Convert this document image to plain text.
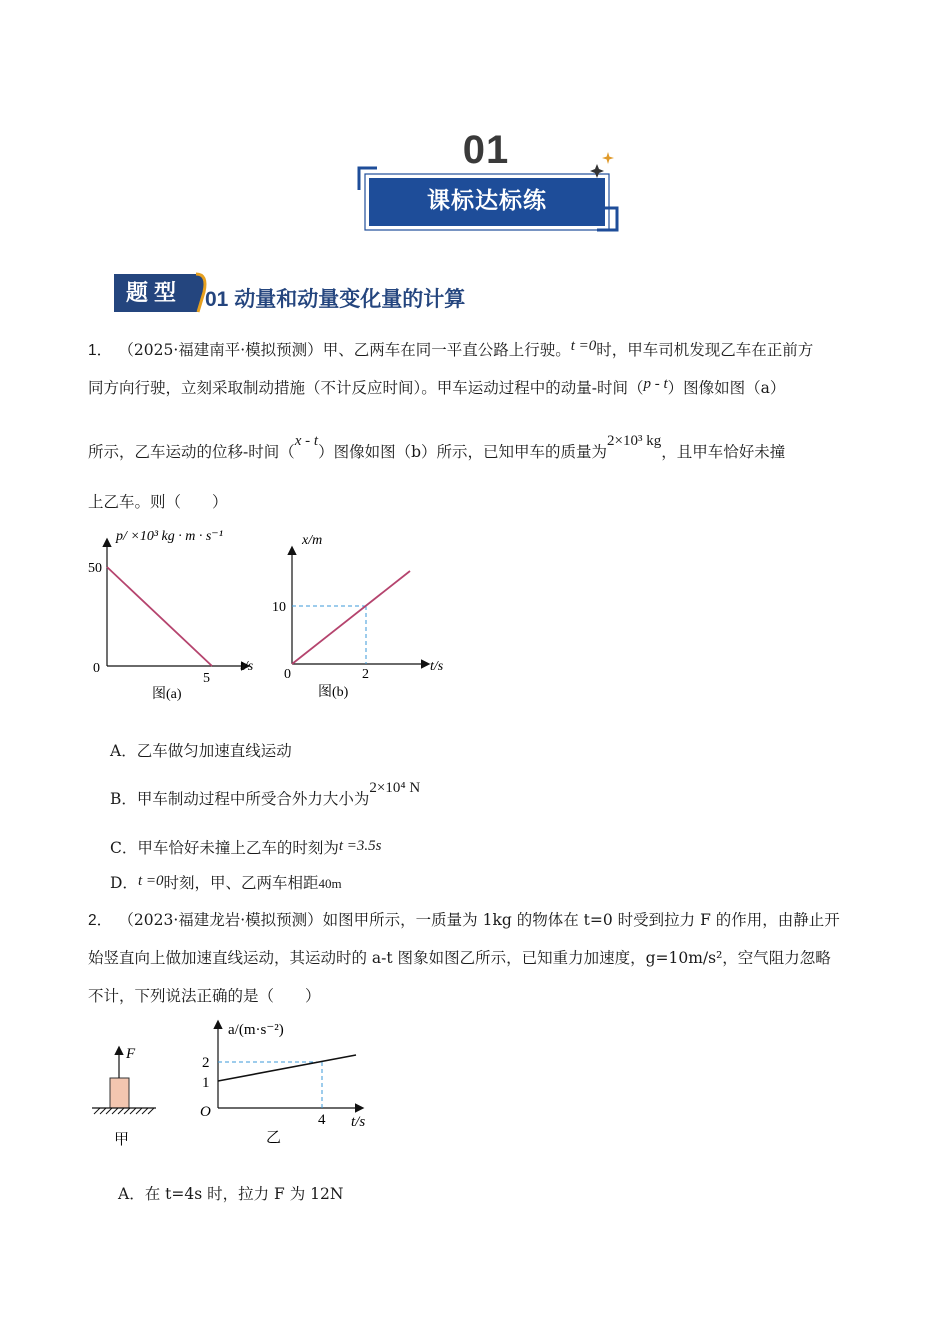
01
课标达标练
题型	01 动量和动量变化量的计算
1． （2025·福建南平·模拟预测）甲、乙两车在同一平直公路上行驶。t =0时，甲车司机发现乙车在正前方
同方向行驶，立刻采取制动措施（不计反应时间）。甲车运动过程中的动量-时间（p - t）图像如图（a）
所示，乙车运动的位移-时间（x - t）图像如图（b）所示，已知甲车的质量为2×10³ kg，且甲车恰好未撞
上乙车。则（　　）
p/ ×10³ kg · m · s⁻¹
50
0
5
t/s
图(a)
x/m
10
0	2
t/s
图(b)
A．乙车做匀加速直线运动
B．甲车制动过程中所受合外力大小为2×10⁴ N
C．甲车恰好未撞上乙车的时刻为t =3.5s
D．t =0时刻，甲、乙两车相距40m
2． （2023·福建龙岩·模拟预测）如图甲所示，一质量为 1kg 的物体在 t=0 时受到拉力 F 的作用，由静止开
始竖直向上做加速直线运动，其运动时的 a-t 图象如图乙所示，已知重力加速度，g=10m/s²，空气阻力忽略
不计，下列说法正确的是（　　）
F
甲
a/(m·s⁻²)
2
1
O	4 t/s
乙
A．在 t=4s 时，拉力 F 为 12N
